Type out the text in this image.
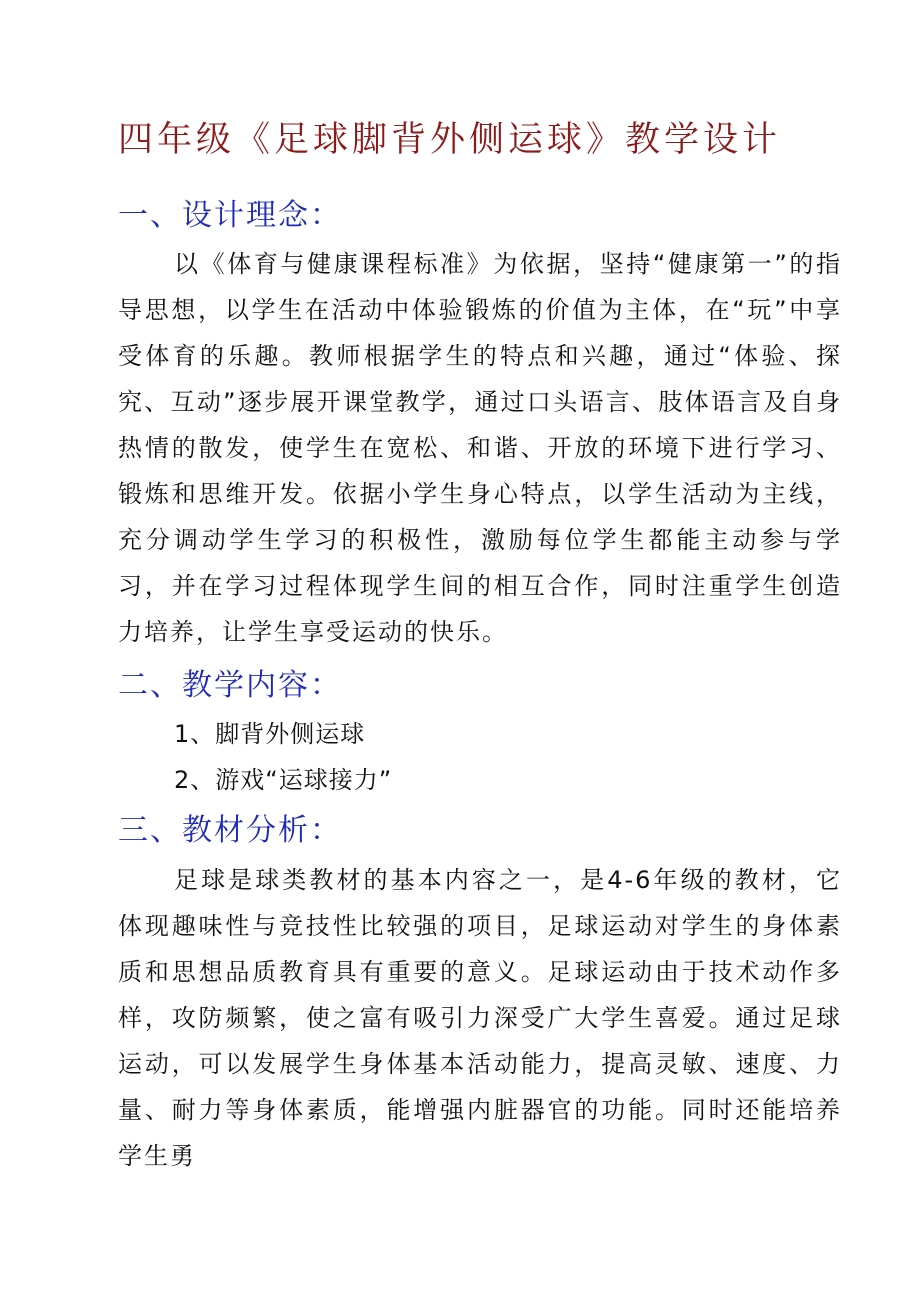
四年级《足球脚背外侧运球》教学设计
一、设计理念：

以《体育与健康课程标准》为依据，坚持“健康第一”的指导思想，以学生在活动中体验锻炼的价值为主体，在“玩”中享受体育的乐趣。教师根据学生的特点和兴趣，通过“体验、探究、互动”逐步展开课堂教学，通过口头语言、肢体语言及自身热情的散发，使学生在宽松、和谐、开放的环境下进行学习、锻炼和思维开发。依据小学生身心特点，以学生活动为主线，充分调动学生学习的积极性，激励每位学生都能主动参与学习，并在学习过程体现学生间的相互合作，同时注重学生创造力培养，让学生享受运动的快乐。

二、教学内容：
1、脚背外侧运球
2、游戏“运球接力”
三、教材分析：

足球是球类教材的基本内容之一，是4-6年级的教材，它体现趣味性与竞技性比较强的项目，足球运动对学生的身体素质和思想品质教育具有重要的意义。足球运动由于技术动作多样，攻防频繁，使之富有吸引力深受广大学生喜爱。通过足球运动，可以发展学生身体基本活动能力，提高灵敏、速度、力量、耐力等身体素质，能增强内脏器官的功能。同时还能培养学生勇
